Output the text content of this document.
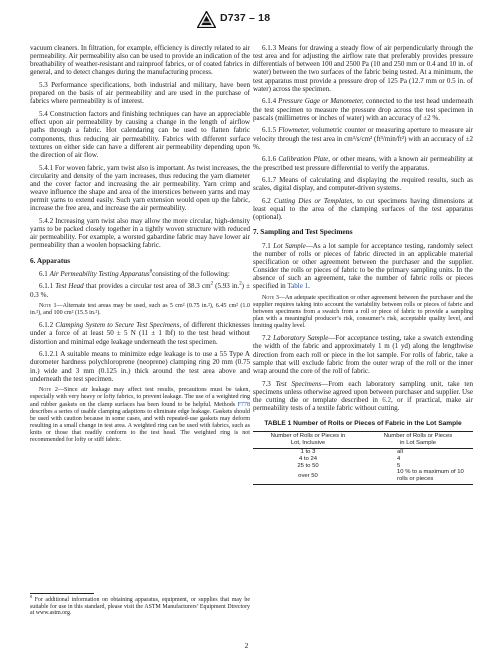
D737 – 18

vacuum cleaners. In filtration, for example, efficiency is directly related to air permeability. Air permeability also can be used to provide an indication of the breathability of weather-resistant and rainproof fabrics, or of coated fabrics in general, and to detect changes during the manufacturing process.

5.3 Performance specifications, both industrial and military, have been prepared on the basis of air permeability and are used in the purchase of fabrics where permeability is of interest.

5.4 Construction factors and finishing techniques can have an appreciable effect upon air permeability by causing a change in the length of airflow paths through a fabric. Hot calendaring can be used to flatten fabric components, thus reducing air permeability. Fabrics with different surface textures on either side can have a different air permeability depending upon the direction of air flow.

5.4.1 For woven fabric, yarn twist also is important. As twist increases, the circularity and density of the yarn increases, thus reducing the yarn diameter and the cover factor and increasing the air permeability. Yarn crimp and weave influence the shape and area of the interstices between yarns and may permit yarns to extend easily. Such yarn extension would open up the fabric, increase the free area, and increase the air permeability.

5.4.2 Increasing yarn twist also may allow the more circular, high-density yarns to be packed closely together in a tightly woven structure with reduced air permeability. For example, a worsted gabardine fabric may have lower air permeability than a woolen hopsacking fabric.

6. Apparatus

6.1 Air Permeability Testing Apparatus$^8$consisting of the following:

6.1.1 Test Head that provides a circular test area of 38.3 $cm^2$ (5.93 in.$^2$) ± 0.3 %.

Note 1—Alternate test areas may be used, such as 5 cm² (0.75 in.²), 6.45 cm² (1.0 in.²), and 100 cm² (15.5 in.²).

6.1.2 Clamping System to Secure Test Specimens, of different thicknesses under a force of at least 50 ± 5 N (11 ± 1 lbf) to the test head without distortion and minimal edge leakage underneath the test specimen.

6.1.2.1 A suitable means to minimize edge leakage is to use a 55 Type A durometer hardness polychloroprene (neoprene) clamping ring 20 mm (0.75 in.) wide and 3 mm (0.125 in.) thick around the test area above and underneath the test specimen.

Note 2—Since air leakage may affect test results, precautions must be taken, especially with very heavy or lofty fabrics, to prevent leakage. The use of a weighted ring and rubber gaskets on the clamp surfaces has been found to be helpful. Methods F778 describes a series of usable clamping adaptions to eliminate edge leakage. Gaskets should be used with caution because in some cases, and with repeated-use gaskets may deform resulting in a small change in test area. A weighted ring can be used with fabrics, such as knits or those that readily conform to the test head. The weighted ring is not recommended for lofty or stiff fabric.

$^8$ For additional information on obtaining apparatus, equipment, or supplies that may be suitable for use in this standard, please visit the ASTM Manufacturers’ Equipment Directory at www.astm.org.

6.1.3 Means for drawing a steady flow of air perpendicularly through the test area and for adjusting the airflow rate that preferably provides pressure differentials of between 100 and 2500 Pa (10 and 250 mm or 0.4 and 10 in. of water) between the two surfaces of the fabric being tested. At a minimum, the test apparatus must provide a pressure drop of 125 Pa (12.7 mm or 0.5 in. of water) across the specimen.

6.1.4 Pressure Gage or Manometer, connected to the test head underneath the test specimen to measure the pressure drop across the test specimen in pascals (millimetres or inches of water) with an accuracy of ±2 %.

6.1.5 Flowmeter, volumetric counter or measuring aperture to measure air velocity through the test area in cm³/s/cm² (ft³/min/ft²) with an accuracy of ±2 %.

6.1.6 Calibration Plate, or other means, with a known air permeability at the prescribed test pressure differential to verify the apparatus.

6.1.7 Means of calculating and displaying the required results, such as scales, digital display, and computer-driven systems.

6.2 Cutting Dies or Templates, to cut specimens having dimensions at least equal to the area of the clamping surfaces of the test apparatus (optional).

7. Sampling and Test Specimens

7.1 Lot Sample—As a lot sample for acceptance testing, randomly select the number of rolls or pieces of fabric directed in an applicable material specification or other agreement between the purchaser and the supplier. Consider the rolls or pieces of fabric to be the primary sampling units. In the absence of such an agreement, take the number of fabric rolls or pieces specified in Table 1.

Note 3—An adequate specification or other agreement between the purchaser and the supplier requires taking into account the variability between rolls or pieces of fabric and between specimens from a swatch from a roll or piece of fabric to provide a sampling plan with a meaningful producer’s risk, consumer’s risk, acceptable quality level, and limiting quality level.

7.2 Laboratory Sample—For acceptance testing, take a swatch extending the width of the fabric and approximately 1 m (1 yd) along the lengthwise direction from each roll or piece in the lot sample. For rolls of fabric, take a sample that will exclude fabric from the outer wrap of the roll or the inner wrap around the core of the roll of fabric.

7.3 Test Specimens—From each laboratory sampling unit, take ten specimens unless otherwise agreed upon between purchaser and supplier. Use the cutting die or template described in 6.2, or if practical, make air permeability tests of a textile fabric without cutting.

TABLE 1 Number of Rolls or Pieces of Fabric in the Lot Sample
Number of Rolls or Pieces in
Lot, Inclusive	Number of Rolls or Pieces
in Lot Sample
1 to 3	all
4 to 24	4
25 to 50	5
over 50	10 % to a maximum of 10 rolls or pieces
2
